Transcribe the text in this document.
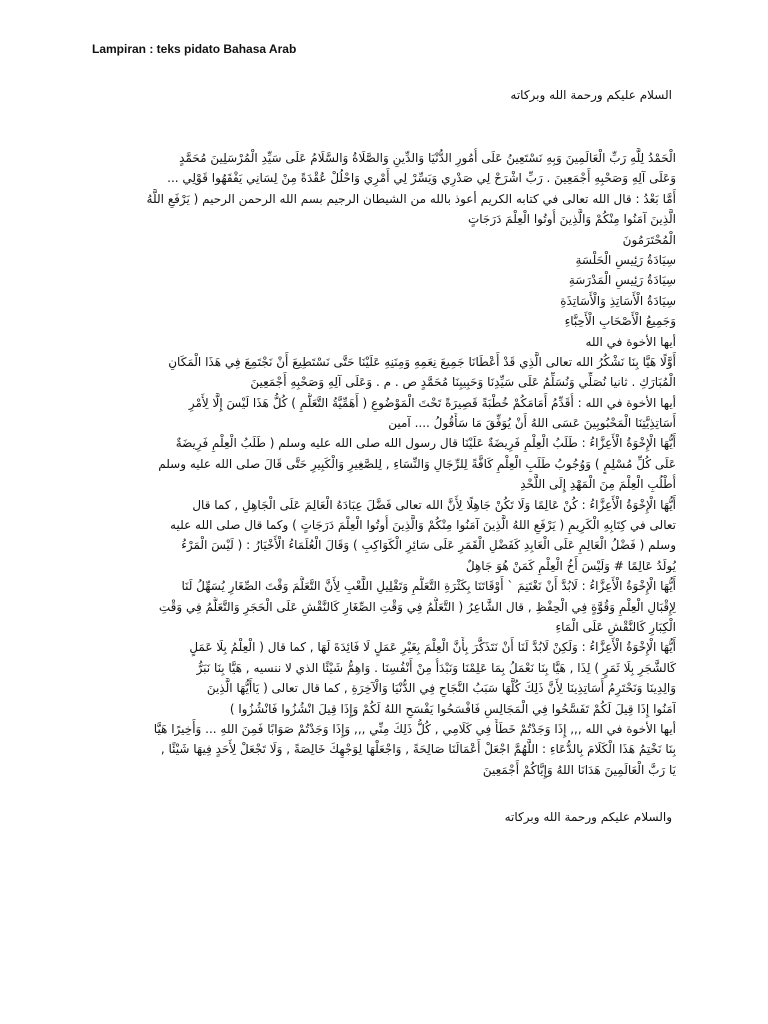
Lampiran : teks pidato Bahasa Arab
السلام عليكم ورحمة الله وبركاته
الْحَمْدُ لِلَّهِ رَبِّ الْعَالَمِينَ وَبِهِ نَسْتَعِينُ عَلَى أُمُورِ الدُّنْيَا وَالدِّينِ وَالصَّلَاةُ وَالسَّلَامُ عَلَى سَيِّدِ الْمُرْسَلِينَ مُحَمَّدٍ
وَعَلَى آلِهِ وَصَحْبِهِ أَجْمَعِينَ . رَبِّ اشْرَحْ لِي صَدْرِي وَيَسِّرْ لِي أَمْرِي وَاحْلُلْ عُقْدَةً مِنْ لِسَانِي يَفْقَهُوا قَوْلِي ...
أَمَّا بَعْدُ : قال الله تعالى في كتابه الكريم أعوذ بالله من الشيطان الرجيم بسم الله الرحمن الرحيم ( يَرْفَعِ اللَّهُ
الَّذِينَ آمَنُوا مِنْكُمْ وَالَّذِينَ أُوتُوا الْعِلْمَ دَرَجَاتٍ
الْمُحْتَرَمُونَ
سِيَادَةُ رَئِيسِ الْحَلْسَةِ
سِيَادَةُ رَئِيسِ الْمَدْرَسَةِ
سِيَادَةُ الْأَسَاتِذِ وَالْأَسَاتِذَةِ
وَجَمِيعُ الْأَصْحَابِ الْأَحِبَّاءِ
أيها الأخوة في الله
أَوَّلًا هَيَّا بِنَا نَشْكُرُ الله تعالى الَّذِي قَدْ أَعْطَانَا جَمِيعَ نِعَمِهِ وَمِنَنِهِ عَلَيْنَا حَتَّى نَسْتَطِيعَ أَنْ نَجْتَمِعَ فِي هَذَا الْمَكَانِ
الْمُبَارَكِ . ثانيا نُصَلِّي وَنُسَلِّمُ عَلَى سَيِّدِنَا وَحَبِيبِنَا مُحَمَّدٍ ص . م . وَعَلَى آلِهِ وَصَحْبِهِ أَجْمَعِينَ
أيها الأخوة في الله : أُقَدِّمُ أَمَامَكُمْ خُطْبَةً قَصِيرَةً تَحْتَ الْمَوْضُوعِ ( أَهَمِّيَّةُ التَّعَلُّمِ ) كُلُّ هَذَا لَيْسَ إِلَّا لِأَمْرِ
أَسَاتِذِيَّتِنَا الْمَحْبُوبِينَ عَسَى اللهُ أَنْ يُوَفِّقَ مَا سَأَقُولُ .... آمين
أَيُّهَا الْإِخْوَةُ الْأَعِزَّاءُ : طَلَبُ الْعِلْمِ فَرِيضَةٌ عَلَيْنَا قال رسول الله صلى الله عليه وسلم ( طَلَبُ الْعِلْمِ فَرِيضَةٌ
عَلَى كُلِّ مُسْلِمٍ ) وَوُجُوبُ طَلَبِ الْعِلْمِ كَافَّةً لِلرِّجَالِ وَالنِّسَاءِ , لِلصَّغِيرِ وَالْكَبِيرِ حَتَّى قَالَ صلى الله عليه وسلم
أُطْلُبِ الْعِلْمَ مِنَ الْمَهْدِ إِلَى اللَّحْدِ
أَيُّهَا الْإِخْوَةُ الْأَعِزَّاءُ : كُنْ عَالِمًا وَلَا تَكُنْ جَاهِلًا لِأَنَّ الله تعالى فَضَّلَ عِبَادَهُ الْعَالِمَ عَلَى الْجَاهِلِ , كما قال
تعالى في كِتَابِهِ الْكَرِيمِ ( يَرْفَعِ اللهُ الَّذِينَ آمَنُوا مِنْكُمْ وَالَّذِينَ أُوتُوا الْعِلْمَ دَرَجَاتٍ ) وكما قال صلى الله عليه
وسلم ( فَضْلُ الْعَالِمِ عَلَى الْعَابِدِ كَفَضْلِ الْقَمَرِ عَلَى سَائِرِ الْكَوَاكِبِ ) وَقَالَ الْعُلَمَاءُ الْأَخْيَارُ : ( لَيْسَ الْمَرْءُ
يُولَدُ عَالِمًا # وَلَيْسَ أَخُ الْعِلْمِ كَمَنْ هُوَ جَاهِلٌ
أَيُّهَا الْإِخْوَةُ الْأَعِزَّاءُ : لَابُدَّ أَنْ نَغْتَنِمَ ` أَوْقَاتَنَا بِكَثْرَةِ التَّعَلُّمِ وَتَقْلِيلِ اللَّعْبِ لِأَنَّ التَّعَلُّمَ وَقْتَ الصِّغَارِ يُسَهِّلُ لَنَا
لِإِقْبَالِ الْعِلْمِ وَقُوَّةٍ فِي الْحِفْظِ , قال الشَّاعِرُ ( التَّعَلُّمُ فِي وَقْتِ الصِّغَارِ كَالنَّقْشِ عَلَى الْحَجَرِ وَالتَّعَلُّمُ فِي وَقْتِ
الْكِبَارِ كَالنَّقْشِ عَلَى الْمَاءِ
أَيُّهَا الْإِخْوَةُ الْأَعِزَّاءُ : وَلَكِنْ لَابُدَّ لَنَا أَنْ نَتَذَكَّرَ بِأَنَّ الْعِلْمَ بِغَيْرِ عَمَلٍ لَا فَائِدَةَ لَهَا , كما قال ( الْعِلْمُ بِلَا عَمَلٍ
كَالشَّجَرِ بِلَا ثَمَرٍ ) لِذَا , هَيَّا بِنَا نَعْمَلُ بِمَا عَلِمْنَا وَنَبْدَأُ مِنْ أَنْفُسِنَا . وَاهِمُّ شَيْئًا الذي لا ننسيه , هَيَّا بِنَا نَبَرُّ
وَالِدِينَا وَنَحْتَرِمُ أَسَاتِذِينَا لِأَنَّ ذَلِكَ كُلَّهَا سَبَبُ النَّجَاحِ فِي الدُّنْيَا وَالْآخِرَةِ , كما قال تعالى ( يَاأَيُّهَا الَّذِينَ
آمَنُوا إِذَا قِيلَ لَكُمْ تَفَسَّحُوا فِي الْمَجَالِسِ فَافْسَحُوا يَفْسَحِ اللهُ لَكُمْ وَإِذَا قِيلَ انْشُزُوا فَانْشُزُوا )
أيها الأخوة في الله ,,, إِذَا وَجَدْتُمْ خَطَأً فِي كَلَامِي , كُلُّ ذَلِكَ مِنِّي ,,, وَإِذَا وَجَدْتُمْ صَوَابًا فَمِنَ اللهِ ... وَأَخِيرًا هَيَّا
بِنَا نَخْتِمُ هَذَا الْكَلَامَ بِالدُّعَاءِ : اللَّهُمَّ اجْعَلْ أَعْمَالَنَا صَالِحَةً , وَاجْعَلْهَا لِوَجْهِكَ خَالِصَةً , وَلَا تَجْعَلْ لِأَحَدٍ فِيهَا شَيْئًا ,
يَا رَبَّ الْعَالَمِينَ هَدَانَا اللهُ وَإِيَّاكُمْ أَجْمَعِينَ
والسلام عليكم ورحمة الله وبركاته
